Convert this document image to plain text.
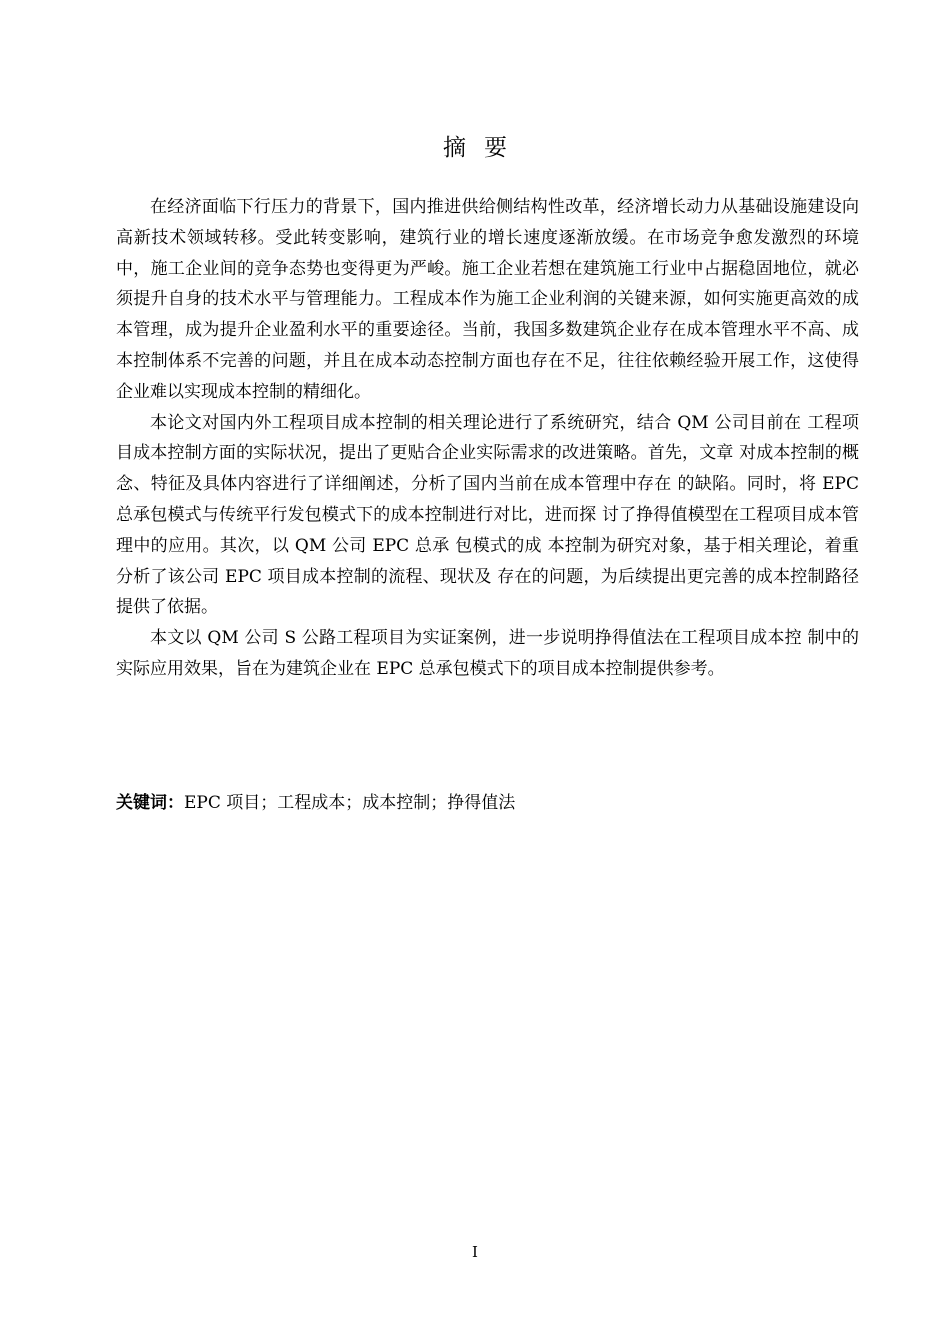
摘要

在经济面临下行压力的背景下，国内推进供给侧结构性改革，经济增长动力从基础设施建设向高新技术领域转移。受此转变影响，建筑行业的增长速度逐渐放缓。在市场竞争愈发激烈的环境中，施工企业间的竞争态势也变得更为严峻。施工企业若想在建筑施工行业中占据稳固地位，就必须提升自身的技术水平与管理能力。工程成本作为施工企业利润的关键来源，如何实施更高效的成本管理，成为提升企业盈利水平的重要途径。当前，我国多数建筑企业存在成本管理水平不高、成本控制体系不完善的问题，并且在成本动态控制方面也存在不足，往往依赖经验开展工作，这使得企业难以实现成本控制的精细化。

本论文对国内外工程项目成本控制的相关理论进行了系统研究，结合 QM 公司目前在 工程项目成本控制方面的实际状况，提出了更贴合企业实际需求的改进策略。首先，文章 对成本控制的概念、特征及具体内容进行了详细阐述，分析了国内当前在成本管理中存在 的缺陷。同时，将 EPC 总承包模式与传统平行发包模式下的成本控制进行对比，进而探 讨了挣得值模型在工程项目成本管理中的应用。其次，以 QM 公司 EPC 总承 包模式的成 本控制为研究对象，基于相关理论，着重分析了该公司 EPC 项目成本控制的流程、现状及 存在的问题，为后续提出更完善的成本控制路径提供了依据。

本文以 QM 公司 S 公路工程项目为实证案例，进一步说明挣得值法在工程项目成本控 制中的实际应用效果，旨在为建筑企业在 EPC 总承包模式下的项目成本控制提供参考。

关键词：EPC 项目；工程成本；成本控制；挣得值法
I
